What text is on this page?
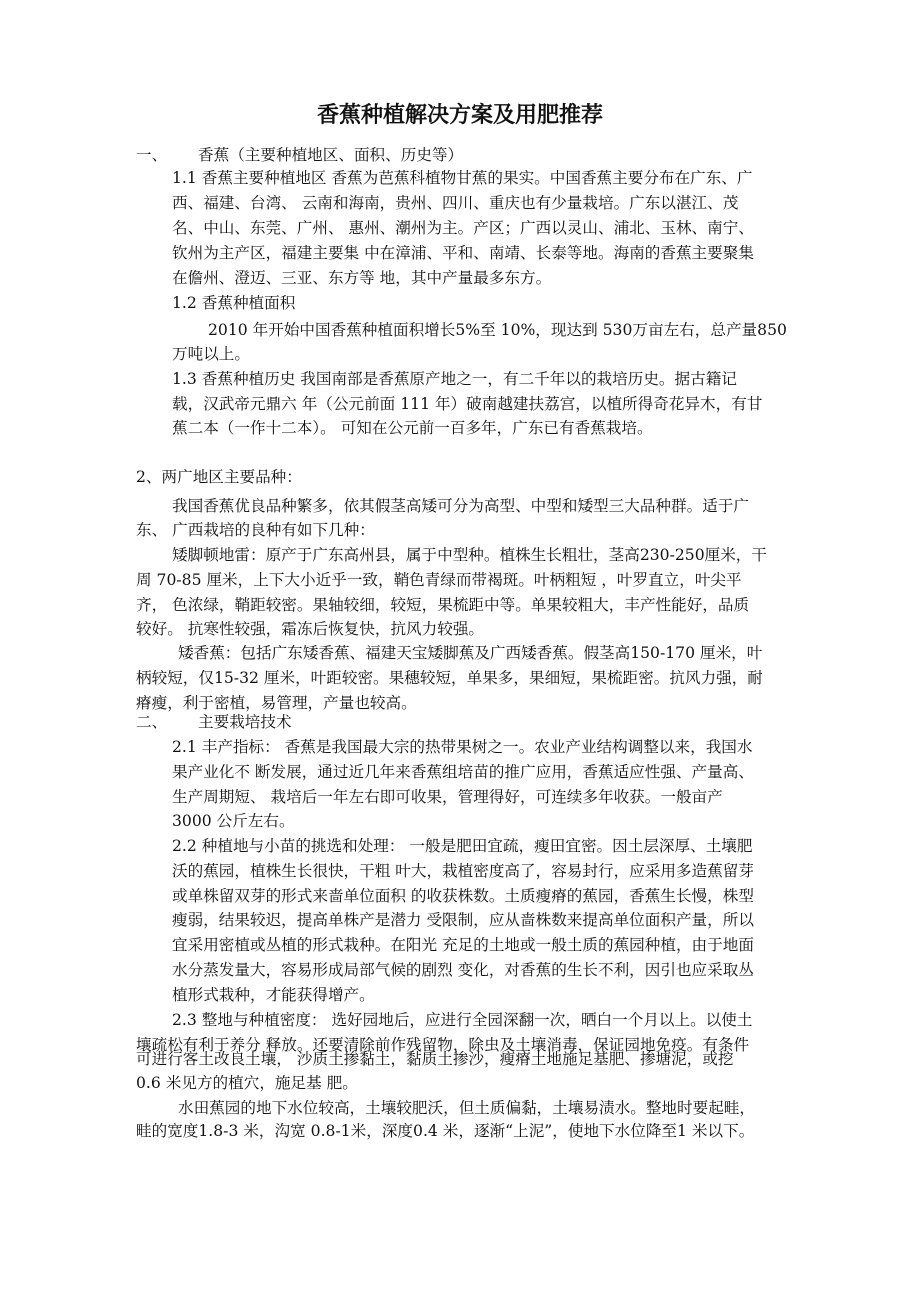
香蕉种植解决方案及用肥推荐
一、 香蕉（主要种植地区、面积、历史等）
1.1 香蕉主要种植地区 香蕉为芭蕉科植物甘蕉的果实。中国香蕉主要分布在广东、广
西、福建、台湾、 云南和海南，贵州、四川、重庆也有少量栽培。广东以湛江、茂
名、中山、东莞、广州、 惠州、潮州为主。产区；广西以灵山、浦北、玉林、南宁、
钦州为主产区，福建主要集 中在漳浦、平和、南靖、长泰等地。海南的香蕉主要聚集
在儋州、澄迈、三亚、东方等 地，其中产量最多东方。
1.2 香蕉种植面积
2010 年开始中国香蕉种植面积增长5%至 10%，现达到 530万亩左右，总产量850
万吨以上。
1.3 香蕉种植历史 我国南部是香蕉原产地之一，有二千年以的栽培历史。据古籍记
载，汉武帝元鼎六 年（公元前面 111 年）破南越建扶荔宫，以植所得奇花异木，有甘
蕉二本（一作十二本）。 可知在公元前一百多年，广东已有香蕉栽培。
2、两广地区主要品种：
我国香蕉优良品种繁多，依其假茎高矮可分为高型、中型和矮型三大品种群。适于广
东、 广西栽培的良种有如下几种：
矮脚顿地雷：原产于广东高州县，属于中型种。植株生长粗壮，茎高230-250厘米，干
周 70-85 厘米，上下大小近乎一致，鞘色青绿而带褐斑。叶柄粗短 ，叶罗直立，叶尖平
齐， 色浓绿，鞘距较密。果轴较细，较短，果梳距中等。单果较粗大，丰产性能好，品质
较好。 抗寒性较强，霜冻后恢复快，抗风力较强。
矮香蕉：包括广东矮香蕉、福建天宝矮脚蕉及广西矮香蕉。假茎高150-170 厘米，叶
柄较短，仅15-32 厘米，叶距较密。果穗较短，单果多，果细短，果梳距密。抗风力强，耐
瘠瘦，利于密植，易管理，产量也较高。
二、 主要栽培技术
2.1 丰产指标： 香蕉是我国最大宗的热带果树之一。农业产业结构调整以来，我国水
果产业化不 断发展，通过近几年来香蕉组培苗的推广应用，香蕉适应性强、产量高、
生产周期短、 栽培后一年左右即可收果，管理得好，可连续多年收获。一般亩产
3000 公斤左右。
2.2 种植地与小苗的挑选和处理： 一般是肥田宜疏，瘦田宜密。因土层深厚、土壤肥
沃的蕉园，植株生长很快，干粗 叶大，栽植密度高了，容易封行，应采用多造蕉留芽
或单株留双芽的形式来啬单位面积 的收获株数。土质瘦瘠的蕉园，香蕉生长慢，株型
瘦弱，结果较迟，提高单株产是潜力 受限制，应从啬株数来提高单位面积产量，所以
宜采用密植或丛植的形式栽种。在阳光 充足的土地或一般土质的蕉园种植，由于地面
水分蒸发量大，容易形成局部气候的剧烈 变化，对香蕉的生长不利，因引也应采取丛
植形式栽种，才能获得增产。
2.3 整地与种植密度： 选好园地后，应进行全园深翻一次，晒白一个月以上。以使土
壤疏松有利于养分 释放。还要清除前作残留物，除虫及土壤消毒，保证园地免疫。有条件
可进行客土改良土壤， 沙质土掺黏土，黏质土掺沙，瘦瘠土地施足基肥、掺塘泥，或挖
0.6 米见方的植穴，施足基 肥。
水田蕉园的地下水位较高，土壤较肥沃，但土质偏黏，土壤易渍水。整地时要起畦，
畦的宽度1.8-3 米，沟宽 0.8-1米，深度0.4 米，逐渐“上泥”，使地下水位降至1 米以下。
